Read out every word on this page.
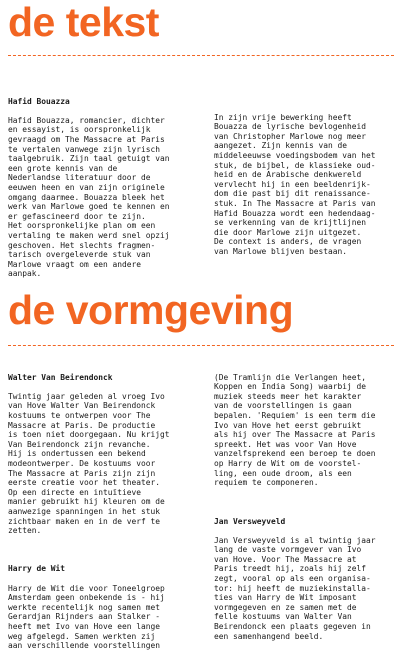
de tekst

Hafid Bouazza

Hafid Bouazza, romancier, dichter
en essayist, is oorspronkelijk
gevraagd om The Massacre at Paris
te vertalen vanwege zijn lyrisch
taalgebruik. Zijn taal getuigt van
een grote kennis van de
Nederlandse literatuur door de
eeuwen heen en van zijn originele
omgang daarmee. Bouazza bleek het
werk van Marlowe goed te kennen en
er gefascineerd door te zijn.
Het oorspronkelijke plan om een
vertaling te maken werd snel opzij
geschoven. Het slechts fragmen-
tarisch overgeleverde stuk van
Marlowe vraagt om een andere
aanpak.

In zijn vrije bewerking heeft
Bouazza de lyrische bevlogenheid
van Christopher Marlowe nog meer
aangezet. Zijn kennis van de
middeleeuwse voedingsbodem van het
stuk, de bijbel, de klassieke oud-
heid en de Arabische denkwereld
vervlecht hij in een beeldenrijk-
dom die past bij dit renaissance-
stuk. In The Massacre at Paris van
Hafid Bouazza wordt een hedendaag-
se verkenning van de krijtlijnen
die door Marlowe zijn uitgezet.
De context is anders, de vragen
van Marlowe blijven bestaan.

de vormgeving

Walter Van Beirendonck

Twintig jaar geleden al vroeg Ivo
van Hove Walter Van Beirendonck
kostuums te ontwerpen voor The
Massacre at Paris. De productie
is toen niet doorgegaan. Nu krijgt
Van Beirendonck zijn revanche.
Hij is ondertussen een bekend
modeontwerper. De kostuums voor
The Massacre at Paris zijn zijn
eerste creatie voor het theater.
Op een directe en intuïtieve
manier gebruikt hij kleuren om de
aanwezige spanningen in het stuk
zichtbaar maken en in de verf te
zetten.

Harry de Wit

Harry de Wit die voor Toneelgroep
Amsterdam geen onbekende is - hij
werkte recentelijk nog samen met
Gerardjan Rijnders aan Stalker -
heeft met Ivo van Hove een lange
weg afgelegd. Samen werkten zij
aan verschillende voorstellingen

(De Tramlijn die Verlangen heet,
Koppen en India Song) waarbij de
muziek steeds meer het karakter
van de voorstellingen is gaan
bepalen. 'Requiem' is een term die
Ivo van Hove het eerst gebruikt
als hij over The Massacre at Paris
spreekt. Het was voor Van Hove
vanzelfsprekend een beroep te doen
op Harry de Wit om de voorstel-
ling, een oude droom, als een
requiem te componeren.

Jan Versweyveld

Jan Versweyveld is al twintig jaar
lang de vaste vormgever van Ivo
van Hove. Voor The Massacre at
Paris treedt hij, zoals hij zelf
zegt, vooral op als een organisa-
tor: hij heeft de muziekinstalla-
ties van Harry de Wit imposant
vormgegeven en ze samen met de
felle kostuums van Walter Van
Beirendonck een plaats gegeven in
een samenhangend beeld.
